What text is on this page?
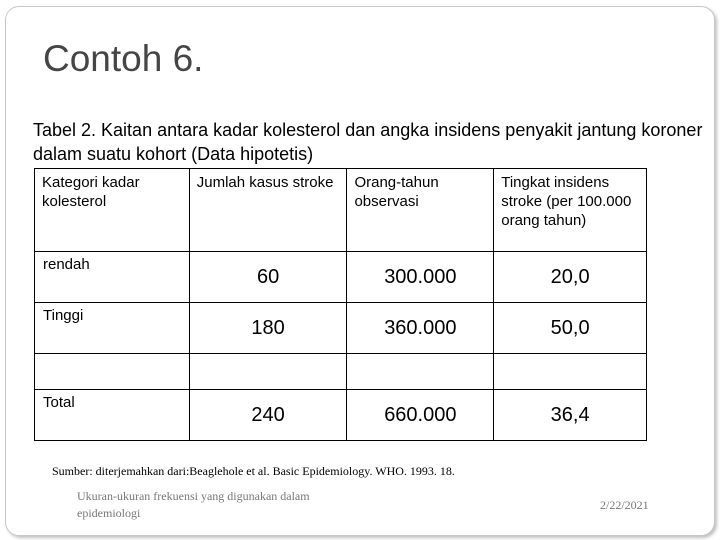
Contoh 6.
Tabel 2. Kaitan antara kadar kolesterol dan angka insidens penyakit jantung koroner dalam suatu kohort (Data hipotetis)
Kategori kadar kolesterol	Jumlah kasus stroke	Orang-tahun observasi	Tingkat insidens stroke (per 100.000 orang tahun)

rendah	60	300.000	20,0
Tinggi	180	360.000	50,0

Total	240	660.000	36,4
Sumber: diterjemahkan dari:Beaglehole et al. Basic Epidemiology. WHO. 1993. 18.
Ukuran-ukuran frekuensi yang digunakan dalam epidemiologi
2/22/2021
